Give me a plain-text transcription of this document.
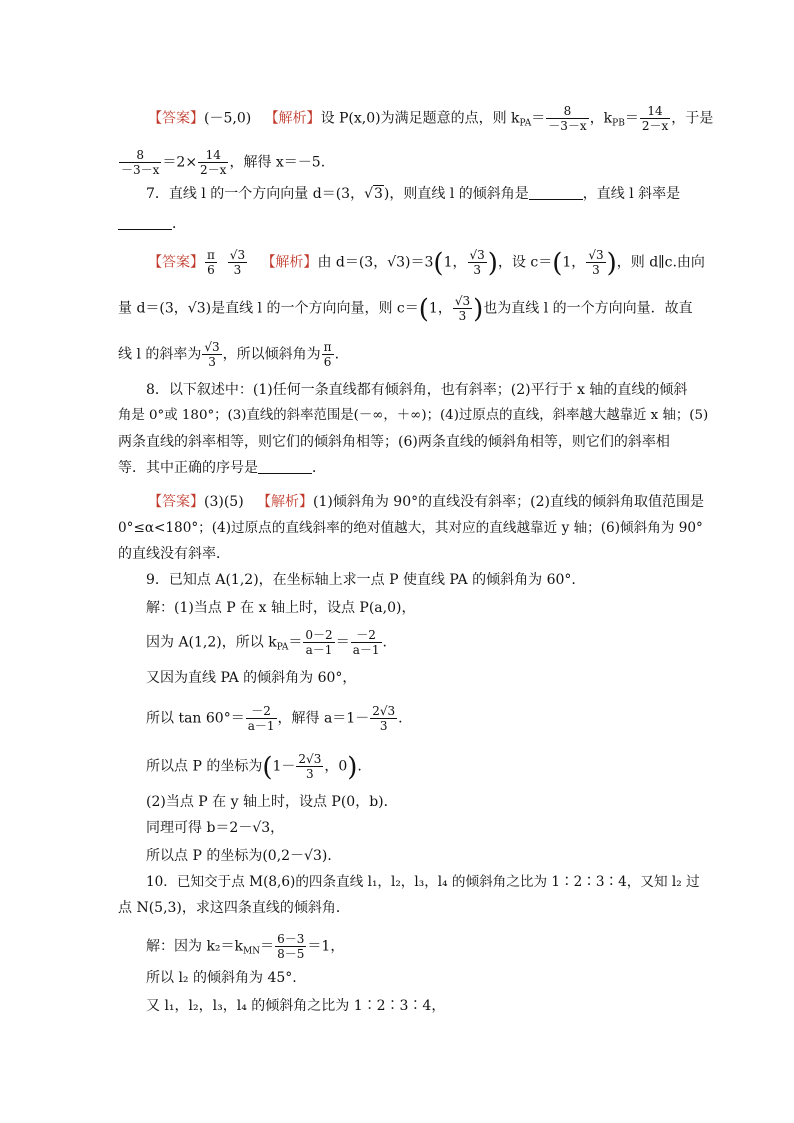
【答案】(－5,0) 【解析】设 P(x,0)为满足题意的点，则 $k_{PA}= \frac{8}{-3-x}$ ，$k_{PB}= \frac{14}{2-x}$ ，于是
$\frac{8}{-3-x} =2\times \frac{14}{2-x}$ ，解得 x＝－5.
7．直线 l 的一个方向向量 d＝(3，√3)，则直线 l 的倾斜角是	，直线 l 斜率是
．
【答案】 $\frac{\pi}{6}$
$\frac{√3}{3}$ 【解析】由 d＝(3，√3)＝3(1， $\frac{√3}{3}$ )，设 c＝(1， $\frac{√3}{3}$ )，则 d∥c.由向
量 d＝(3，√3)是直线 l 的一个方向向量，则 c＝(1， $\frac{√3}{3}$ )也为直线 l 的一个方向向量．故直
线 l 的斜率为 $\frac{√3}{3}$ ，所以倾斜角为 $\frac{\pi}{6}$ .
8．以下叙述中：(1)任何一条直线都有倾斜角，也有斜率；(2)平行于 x 轴的直线的倾斜
角是 0°或 180°；(3)直线的斜率范围是(－∞，＋∞)；(4)过原点的直线，斜率越大越靠近 x 轴；(5)
两条直线的斜率相等，则它们的倾斜角相等；(6)两条直线的倾斜角相等，则它们的斜率相
等．其中正确的序号是	．
【答案】(3)(5) 【解析】(1)倾斜角为 90°的直线没有斜率；(2)直线的倾斜角取值范围是
0°≤α<180°；(4)过原点的直线斜率的绝对值越大，其对应的直线越靠近 y 轴；(6)倾斜角为 90°
的直线没有斜率．
9．已知点 A(1,2)，在坐标轴上求一点 P 使直线 PA 的倾斜角为 60°.
解：(1)当点 P 在 x 轴上时，设点 P(a,0)，
因为 A(1,2)，所以 $k_{PA}= \frac{0-2}{a-1} = \frac{-2}{a-1}$ .
又因为直线 PA 的倾斜角为 60°，
所以 $\tan 60^\circ= \frac{-2}{a-1}$ ，解得 $a=1- \frac{2√3}{3}$ .
所以点 P 的坐标为($1- \frac{2√3}{3}$ ，0).
(2)当点 P 在 y 轴上时，设点 P(0，b)．
同理可得 b＝2－√3，
所以点 P 的坐标为(0,2－√3)．
10．已知交于点 M(8,6)的四条直线 l₁，l₂，l₃，l₄ 的倾斜角之比为 1∶2∶3∶4，又知 l₂ 过
点 N(5,3)，求这四条直线的倾斜角．
解：因为 $k_2=k_{MN}= \frac{6-3}{8-5} =1$，
所以 l₂ 的倾斜角为 45°.
又 l₁，l₂，l₃，l₄ 的倾斜角之比为 1∶2∶3∶4，
